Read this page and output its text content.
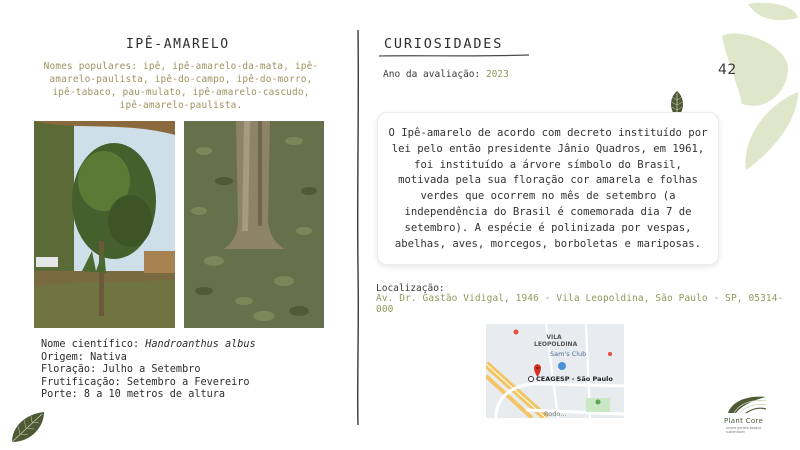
IPÊ-AMARELO
Nomes populares: ipê, ipê-amarelo-da-mata, ipê-amarelo-paulista, ipê-do-campo, ipê-do-morro, ipê-tabaco, pau-mulato, ipê-amarelo-cascudo, ipê-amarelo-paulista.
Nome científico: Handroanthus albus
Origem: Nativa
Floração: Julho a Setembro
Frutificação: Setembro a Fevereiro
Porte: 8 a 10 metros de altura
CURIOSIDADES
Ano da avaliação: 2023
O Ipê-amarelo de acordo com decreto instituído por lei pelo então presidente Jânio Quadros, em 1961, foi instituído a árvore símbolo do Brasil, motivada pela sua floração cor amarela e folhas verdes que ocorrem no mês de setembro (a independência do Brasil é comemorada dia 7 de setembro). A espécie é polinizada por vespas, abelhas, aves, morcegos, borboletas e mariposas.
Localização:
Av. Dr. Gastão Vidigal, 1946 - Vila Leopoldina, São Paulo - SP, 05314-000
VILA LEOPOLDINA
Sam's Club
CEAGESP - São Paulo
Rodo...
42
Plant Core
arvore gorjeta bosque sustentavel
